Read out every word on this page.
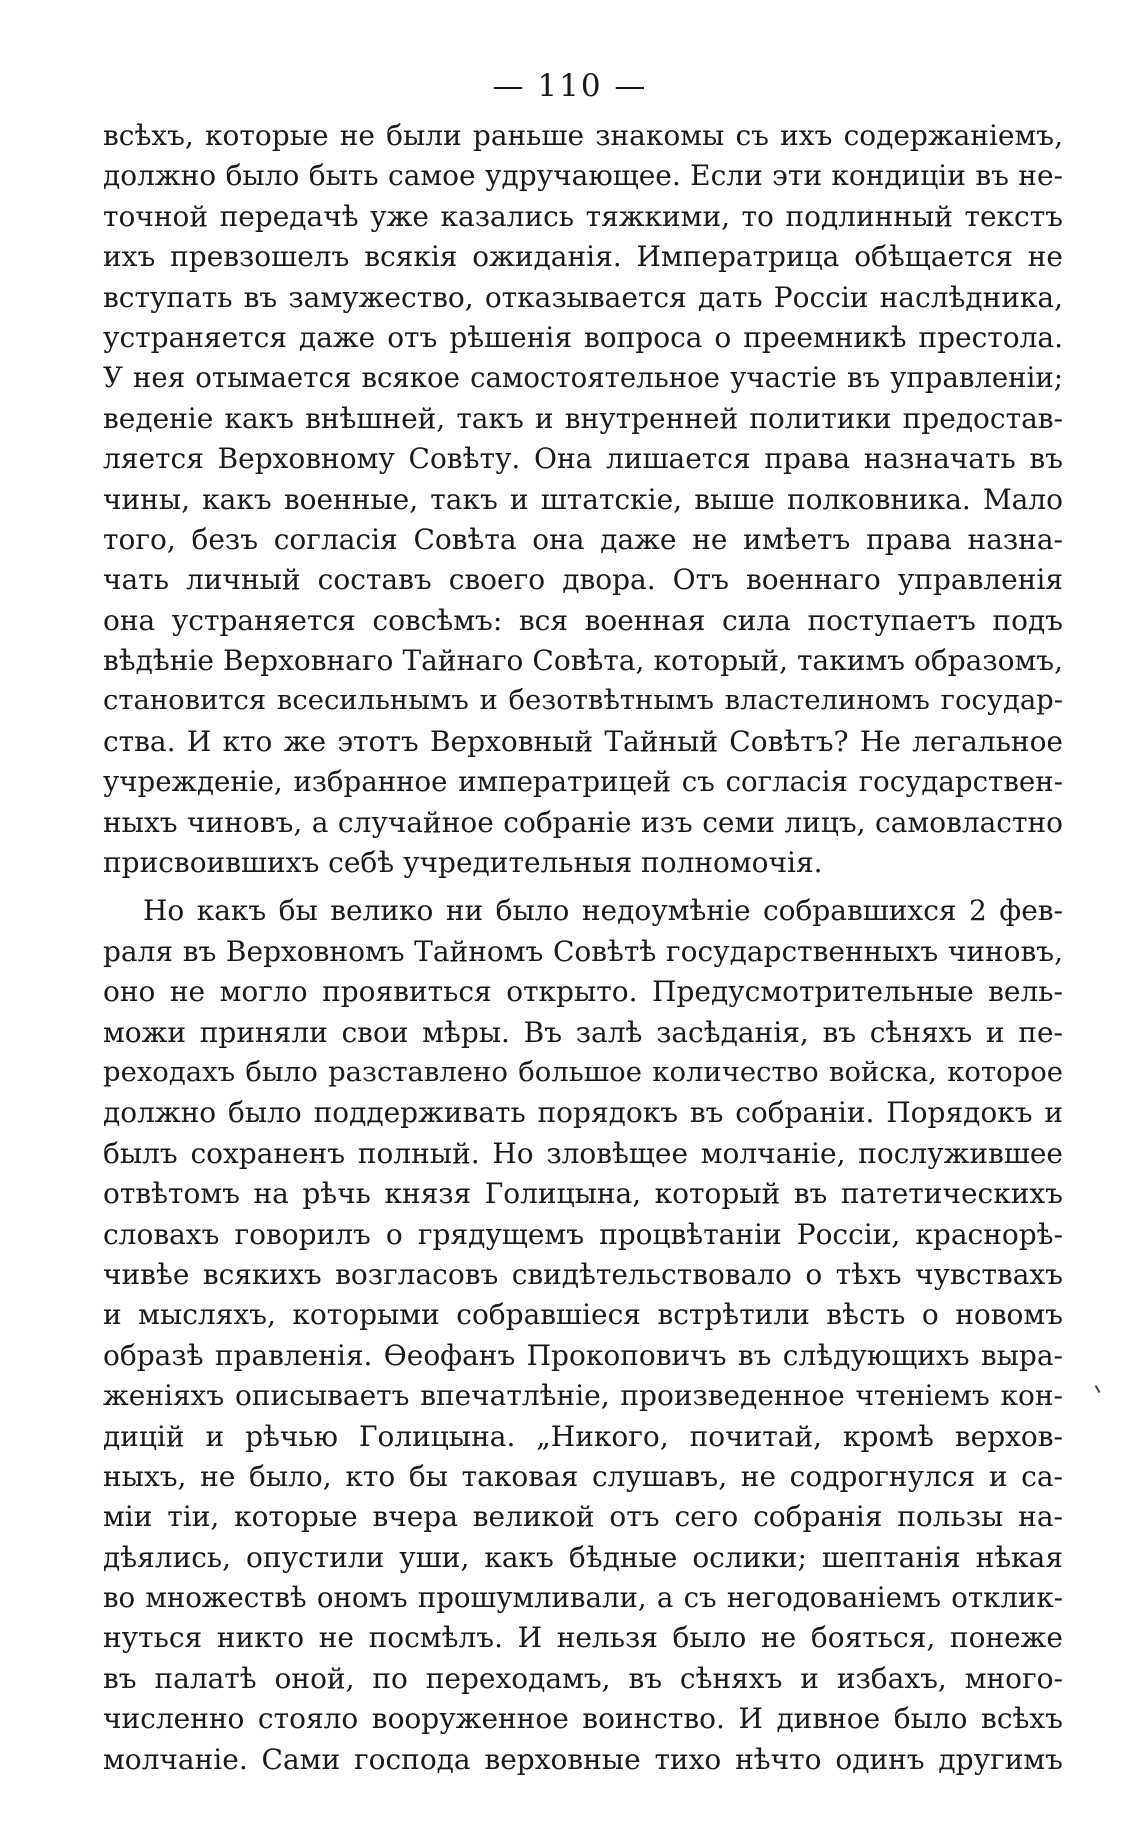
— 110 —
всѣхъ, которые не были раньше знакомы съ ихъ содержаніемъ,
должно было быть самое удручающее. Если эти кондиціи въ не-
точной передачѣ уже казались тяжкими, то подлинный текстъ
ихъ превзошелъ всякія ожиданія. Императрица обѣщается не
вступать въ замужество, отказывается дать Россіи наслѣдника,
устраняется даже отъ рѣшенія вопроса о преемникѣ престола.
У нея отымается всякое самостоятельное участіе въ управленіи;
веденіе какъ внѣшней, такъ и внутренней политики предостав-
ляется Верховному Совѣту. Она лишается права назначать въ
чины, какъ военные, такъ и штатскіе, выше полковника. Мало
того, безъ согласія Совѣта она даже не имѣетъ права назна-
чать личный составъ своего двора. Отъ военнаго управленія
она устраняется совсѣмъ: вся военная сила поступаетъ подъ
вѣдѣніе Верховнаго Тайнаго Совѣта, который, такимъ образомъ,
становится всесильнымъ и безотвѣтнымъ властелиномъ государ-
ства. И кто же этотъ Верховный Тайный Совѣтъ? Не легальное
учрежденіе, избранное императрицей съ согласія государствен-
ныхъ чиновъ, а случайное собраніе изъ семи лицъ, самовластно
присвоившихъ себѣ учредительныя полномочія.
Но какъ бы велико ни было недоумѣніе собравшихся 2 фев-
раля въ Верховномъ Тайномъ Совѣтѣ государственныхъ чиновъ,
оно не могло проявиться открыто. Предусмотрительные вель-
можи приняли свои мѣры. Въ залѣ засѣданія, въ сѣняхъ и пе-
реходахъ было разставлено большое количество войска, которое
должно было поддерживать порядокъ въ собраніи. Порядокъ и
былъ сохраненъ полный. Но зловѣщее молчаніе, послужившее
отвѣтомъ на рѣчь князя Голицына, который въ патетическихъ
словахъ говорилъ о грядущемъ процвѣтаніи Россіи, краснорѣ-
чивѣе всякихъ возгласовъ свидѣтельствовало о тѣхъ чувствахъ
и мысляхъ, которыми собравшіеся встрѣтили вѣсть о новомъ
образѣ правленія. Ѳеофанъ Прокоповичъ въ слѣдующихъ выра-
женіяхъ описываетъ впечатлѣніе, произведенное чтеніемъ кон-
дицій и рѣчью Голицына. „Никого, почитай, кромѣ верхов-
ныхъ, не было, кто бы таковая слушавъ, не содрогнулся и са-
міи тіи, которые вчера великой отъ сего собранія пользы на-
дѣялись, опустили уши, какъ бѣдные ослики; шептанія нѣкая
во множествѣ ономъ прошумливали, а съ негодованіемъ отклик-
нуться никто не посмѣлъ. И нельзя было не бояться, понеже
въ палатѣ оной, по переходамъ, въ сѣняхъ и избахъ, много-
численно стояло вооруженное воинство. И дивное было всѣхъ
молчаніе. Сами господа верховные тихо нѣчто одинъ другимъ
